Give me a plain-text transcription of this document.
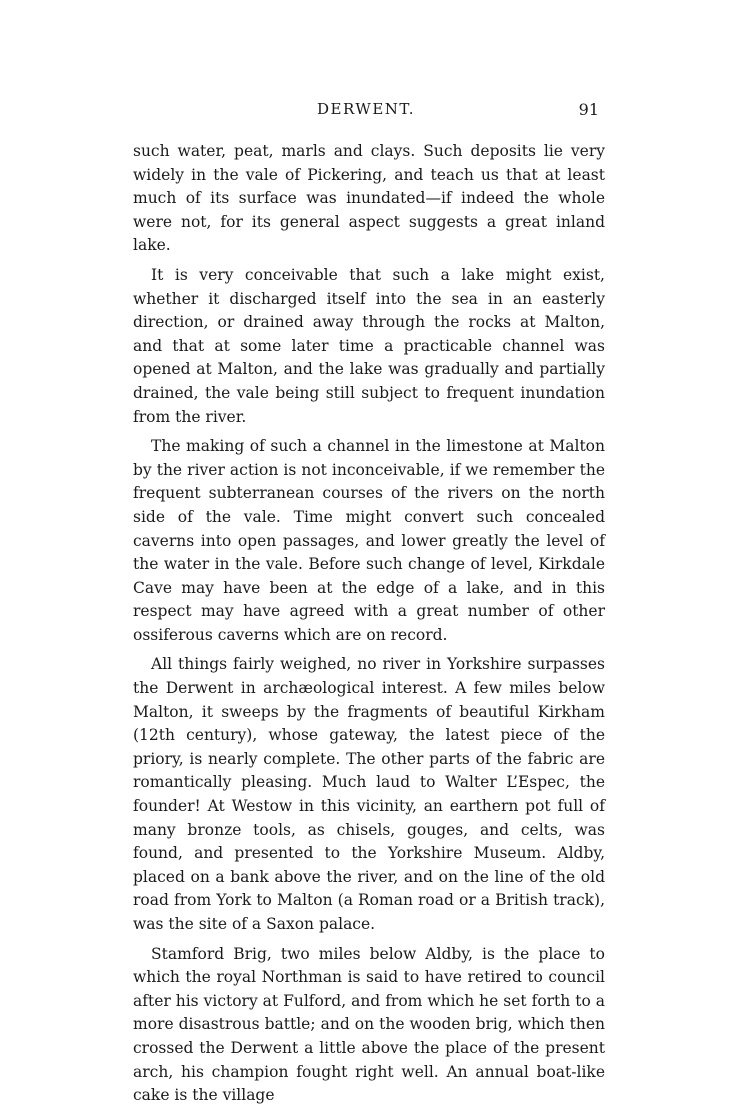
DERWENT.	91

such water, peat, marls and clays. Such deposits lie very widely in the vale of Pickering, and teach us that at least much of its surface was inundated—if indeed the whole were not, for its general aspect suggests a great inland lake.

It is very conceivable that such a lake might exist, whether it discharged itself into the sea in an easterly direction, or drained away through the rocks at Malton, and that at some later time a practicable channel was opened at Malton, and the lake was gradually and partially drained, the vale being still subject to frequent inundation from the river.

The making of such a channel in the limestone at Malton by the river action is not inconceivable, if we remember the frequent subterranean courses of the rivers on the north side of the vale. Time might convert such concealed caverns into open passages, and lower greatly the level of the water in the vale. Before such change of level, Kirkdale Cave may have been at the edge of a lake, and in this respect may have agreed with a great number of other ossiferous caverns which are on record.

All things fairly weighed, no river in Yorkshire surpasses the Derwent in archæological interest. A few miles below Malton, it sweeps by the fragments of beautiful Kirkham (12th century), whose gateway, the latest piece of the priory, is nearly complete. The other parts of the fabric are romantically pleasing. Much laud to Walter L’Espec, the founder! At Westow in this vicinity, an earthern pot full of many bronze tools, as chisels, gouges, and celts, was found, and presented to the Yorkshire Museum. Aldby, placed on a bank above the river, and on the line of the old road from York to Malton (a Roman road or a British track), was the site of a Saxon palace.

Stamford Brig, two miles below Aldby, is the place to which the royal Northman is said to have retired to council after his victory at Fulford, and from which he set forth to a more disastrous battle; and on the wooden brig, which then crossed the Derwent a little above the place of the present arch, his champion fought right well. An annual boat-like cake is the village
